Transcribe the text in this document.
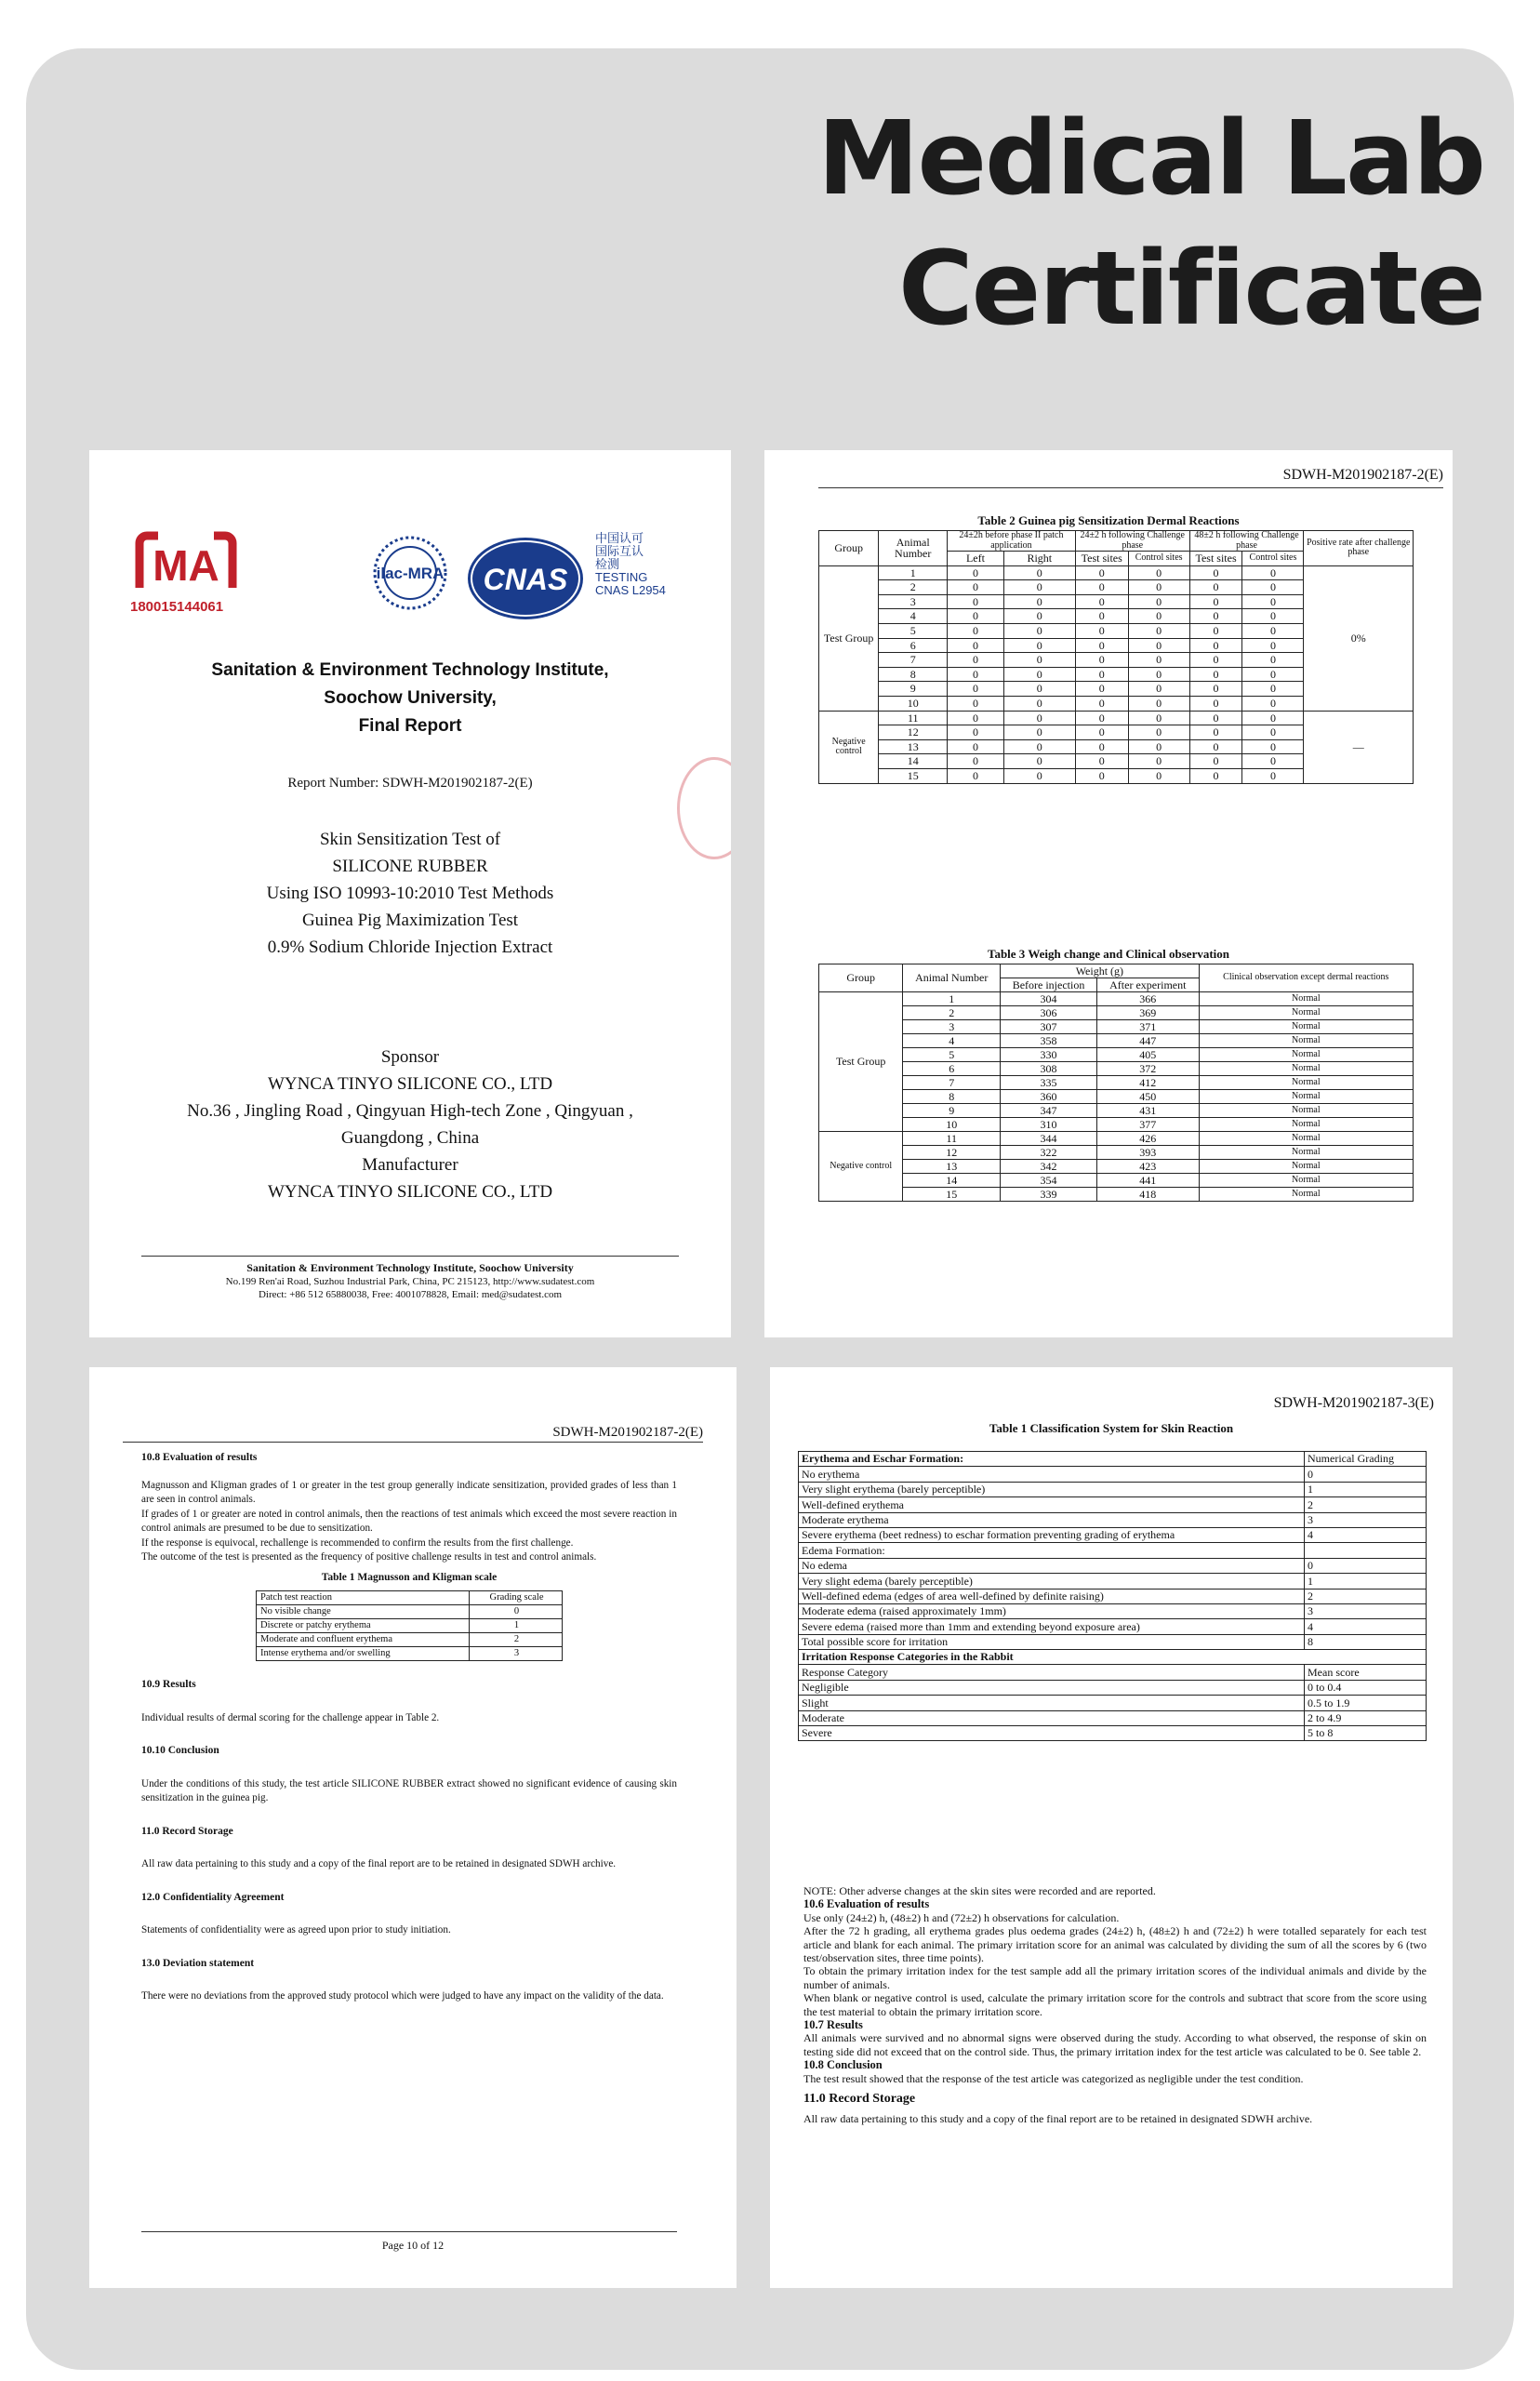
Medical Lab
Certificate
MA
180015144061
ilac-MRA CNAS
中国认可
国际互认
检测
TESTING
CNAS L2954
Sanitation & Environment Technology Institute,
Soochow University,
Final Report
Report Number: SDWH-M201902187-2(E)
Skin Sensitization Test of
SILICONE RUBBER
Using ISO 10993-10:2010 Test Methods
Guinea Pig Maximization Test
0.9% Sodium Chloride Injection Extract
Sponsor
WYNCA TINYO SILICONE CO., LTD
No.36 , Jingling Road , Qingyuan High-tech Zone , Qingyuan ,
Guangdong , China
Manufacturer
WYNCA TINYO SILICONE CO., LTD
Sanitation & Environment Technology Institute, Soochow University
No.199 Ren'ai Road, Suzhou Industrial Park, China, PC 215123, http://www.sudatest.com
Direct: +86 512 65880038, Free: 4001078828, Email: med@sudatest.com
SDWH-M201902187-2(E)
Table 2 Guinea pig Sensitization Dermal Reactions
Group	Animal Number	24±2h before phase II patch application		24±2 h following Challenge phase		48±2 h following Challenge phase		Positive rate after challenge phase
		Left	Right	Test sites	Control sites	Test sites	Control sites	
Test Group	1	0	0	0	0	0	0	0%
	2	0	0	0	0	0	0	
	3	0	0	0	0	0	0	
	4	0	0	0	0	0	0	
	5	0	0	0	0	0	0	
	6	0	0	0	0	0	0	
	7	0	0	0	0	0	0	
	8	0	0	0	0	0	0	
	9	0	0	0	0	0	0	
	10	0	0	0	0	0	0	
Negative control	11	0	0	0	0	0	0	—
	12	0	0	0	0	0	0	
	13	0	0	0	0	0	0	
	14	0	0	0	0	0	0	
	15	0	0	0	0	0	0	
Table 3 Weigh change and Clinical observation
Group	Animal Number	Weight (g)		Clinical observation except dermal reactions
		Before injection	After experiment	
Test Group	1	304	366	Normal
	2	306	369	Normal
	3	307	371	Normal
	4	358	447	Normal
	5	330	405	Normal
	6	308	372	Normal
	7	335	412	Normal
	8	360	450	Normal
	9	347	431	Normal
	10	310	377	Normal
Negative control	11	344	426	Normal
	12	322	393	Normal
	13	342	423	Normal
	14	354	441	Normal
	15	339	418	Normal
SDWH-M201902187-2(E)
10.8 Evaluation of results

Magnusson and Kligman grades of 1 or greater in the test group generally indicate sensitization, provided grades of less than 1 are seen in control animals.

If grades of 1 or greater are noted in control animals, then the reactions of test animals which exceed the most severe reaction in control animals are presumed to be due to sensitization.

If the response is equivocal, rechallenge is recommended to confirm the results from the first challenge.

The outcome of the test is presented as the frequency of positive challenge results in test and control animals.

Table 1 Magnusson and Kligman scale
Patch test reaction	Grading scale
No visible change	0
Discrete or patchy erythema	1
Moderate and confluent erythema	2
Intense erythema and/or swelling	3
10.9 Results

Individual results of dermal scoring for the challenge appear in Table 2.

10.10 Conclusion

Under the conditions of this study, the test article SILICONE RUBBER extract showed no significant evidence of causing skin sensitization in the guinea pig.

11.0 Record Storage

All raw data pertaining to this study and a copy of the final report are to be retained in designated SDWH archive.

12.0 Confidentiality Agreement

Statements of confidentiality were as agreed upon prior to study initiation.

13.0 Deviation statement

There were no deviations from the approved study protocol which were judged to have any impact on the validity of the data.

Page 10 of 12
SDWH-M201902187-3(E)
Table 1 Classification System for Skin Reaction
Erythema and Eschar Formation:	Numerical Grading
No erythema	0
Very slight erythema (barely perceptible)	1
Well-defined erythema	2
Moderate erythema	3
Severe erythema (beet redness) to eschar formation preventing grading of erythema	4
Edema Formation:	
No edema	0
Very slight edema (barely perceptible)	1
Well-defined edema (edges of area well-defined by definite raising)	2
Moderate edema (raised approximately 1mm)	3
Severe edema (raised more than 1mm and extending beyond exposure area)	4
Total possible score for irritation	8
Irritation Response Categories in the Rabbit	
Response Category	Mean score
Negligible	0 to 0.4
Slight	0.5 to 1.9
Moderate	2 to 4.9
Severe	5 to 8

NOTE: Other adverse changes at the skin sites were recorded and are reported.

10.6 Evaluation of results

Use only (24±2) h, (48±2) h and (72±2) h observations for calculation.

After the 72 h grading, all erythema grades plus oedema grades (24±2) h, (48±2) h and (72±2) h were totalled separately for each test article and blank for each animal. The primary irritation score for an animal was calculated by dividing the sum of all the scores by 6 (two test/observation sites, three time points).

To obtain the primary irritation index for the test sample add all the primary irritation scores of the individual animals and divide by the number of animals.

When blank or negative control is used, calculate the primary irritation score for the controls and subtract that score from the score using the test material to obtain the primary irritation score.

10.7 Results

All animals were survived and no abnormal signs were observed during the study. According to what observed, the response of skin on testing side did not exceed that on the control side. Thus, the primary irritation index for the test article was calculated to be 0. See table 2.

10.8 Conclusion

The test result showed that the response of the test article was categorized as negligible under the test condition.

11.0 Record Storage

All raw data pertaining to this study and a copy of the final report are to be retained in designated SDWH archive.
